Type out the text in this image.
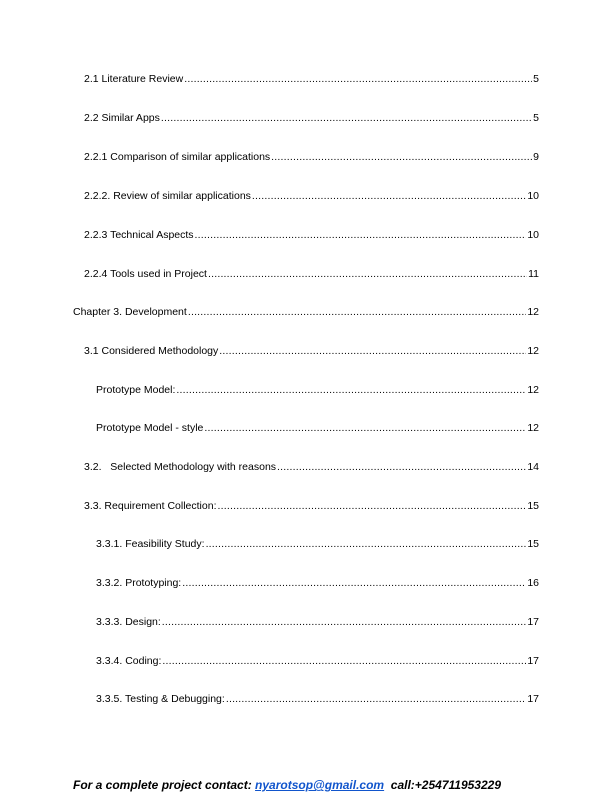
2.1 Literature Review .....	5
2.2 Similar Apps .....	5
2.2.1 Comparison of similar applications .....	9
2.2.2. Review of similar applications .....	10
2.2.3 Technical Aspects .....	10
2.2.4 Tools used in Project .....	11
Chapter 3. Development .....	12
3.1 Considered Methodology .....	12
Prototype Model: .....	12
Prototype Model - style .....	12
3.2.   Selected Methodology with reasons .....	14
3.3. Requirement Collection: .....	15
3.3.1. Feasibility Study: .....	15
3.3.2. Prototyping: .....	16
3.3.3. Design: .....	17
3.3.4. Coding: .....	17
3.3.5. Testing & Debugging: .....	17
For a complete project contact: nyarotsop@gmail.com  call:+254711953229
